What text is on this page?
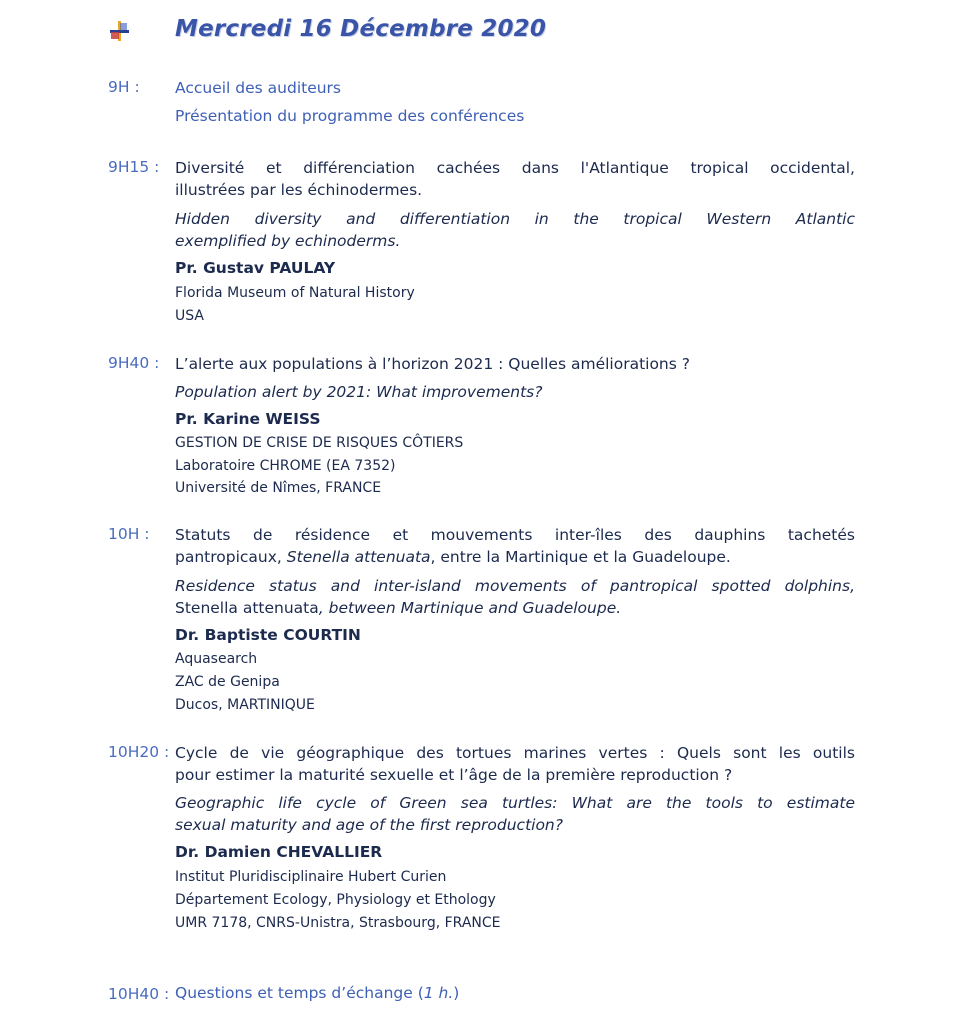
Mercredi 16 Décembre 2020
9H : Accueil des auditeurs
Présentation du programme des conférences
9H15 : Diversité et différenciation cachées dans l'Atlantique tropical occidental,
illustrées par les échinodermes.
Hidden diversity and differentiation in the tropical Western Atlantic
exemplified by echinoderms.
Pr. Gustav PAULAY
Florida Museum of Natural History
USA
9H40 : L’alerte aux populations à l’horizon 2021 : Quelles améliorations ?
Population alert by 2021: What improvements?
Pr. Karine WEISS
GESTION DE CRISE DE RISQUES CÔTIERS
Laboratoire CHROME (EA 7352)
Université de Nîmes, FRANCE
10H : Statuts de résidence et mouvements inter-îles des dauphins tachetés
pantropicaux, Stenella attenuata, entre la Martinique et la Guadeloupe.
Residence status and inter-island movements of pantropical spotted dolphins,
Stenella attenuata, between Martinique and Guadeloupe.
Dr. Baptiste COURTIN
Aquasearch
ZAC de Genipa
Ducos, MARTINIQUE
10H20 : Cycle de vie géographique des tortues marines vertes : Quels sont les outils
pour estimer la maturité sexuelle et l’âge de la première reproduction ?
Geographic life cycle of Green sea turtles: What are the tools to estimate
sexual maturity and age of the first reproduction?
Dr. Damien CHEVALLIER
Institut Pluridisciplinaire Hubert Curien
Département Ecology, Physiology et Ethology
UMR 7178, CNRS-Unistra, Strasbourg, FRANCE
10H40 : Questions et temps d’échange (1 h.)
